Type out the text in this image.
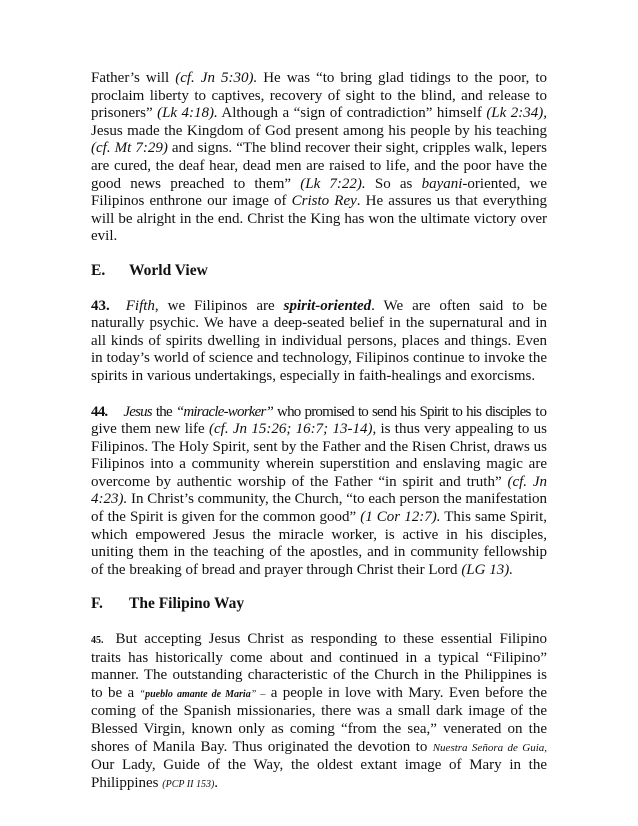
Father’s will (cf. Jn 5:30). He was “to bring glad tidings to the poor, to proclaim liberty to captives, recovery of sight to the blind, and release to prisoners” (Lk 4:18). Although a “sign of contradiction” himself (Lk 2:34), Jesus made the Kingdom of God present among his people by his teaching (cf. Mt 7:29) and signs. “The blind recover their sight, cripples walk, lepers are cured, the deaf hear, dead men are raised to life, and the poor have the good news preached to them” (Lk 7:22). So as bayani-oriented, we Filipinos enthrone our image of Cristo Rey. He assures us that everything will be alright in the end. Christ the King has won the ultimate victory over evil.

E. World View

43. Fifth, we Filipinos are spirit-oriented. We are often said to be naturally psychic. We have a deep-seated belief in the supernatural and in all kinds of spirits dwelling in individual persons, places and things. Even in today’s world of science and technology, Filipinos continue to invoke the spirits in various undertakings, especially in faith-healings and exorcisms.

44. Jesus the “miracle-worker” who promised to send his Spirit to his disciples to give them new life (cf. Jn 15:26; 16:7; 13-14), is thus very appealing to us Filipinos. The Holy Spirit, sent by the Father and the Risen Christ, draws us Filipinos into a community wherein superstition and enslaving magic are overcome by authentic worship of the Father “in spirit and truth” (cf. Jn 4:23). In Christ’s community, the Church, “to each person the manifestation of the Spirit is given for the common good” (1 Cor 12:7). This same Spirit, which empowered Jesus the miracle worker, is active in his disciples, uniting them in the teaching of the apostles, and in community fellowship of the breaking of bread and prayer through Christ their Lord (LG 13).

F. The Filipino Way

45. But accepting Jesus Christ as responding to these essential Filipino traits has historically come about and continued in a typical “Filipino” manner. The outstanding characteristic of the Church in the Philippines is to be a “pueblo amante de Maria” – a people in love with Mary. Even before the coming of the Spanish missionaries, there was a small dark image of the Blessed Virgin, known only as coming “from the sea,” venerated on the shores of Manila Bay. Thus originated the devotion to Nuestra Señora de Guia, Our Lady, Guide of the Way, the oldest extant image of Mary in the Philippines (PCP II 153).
